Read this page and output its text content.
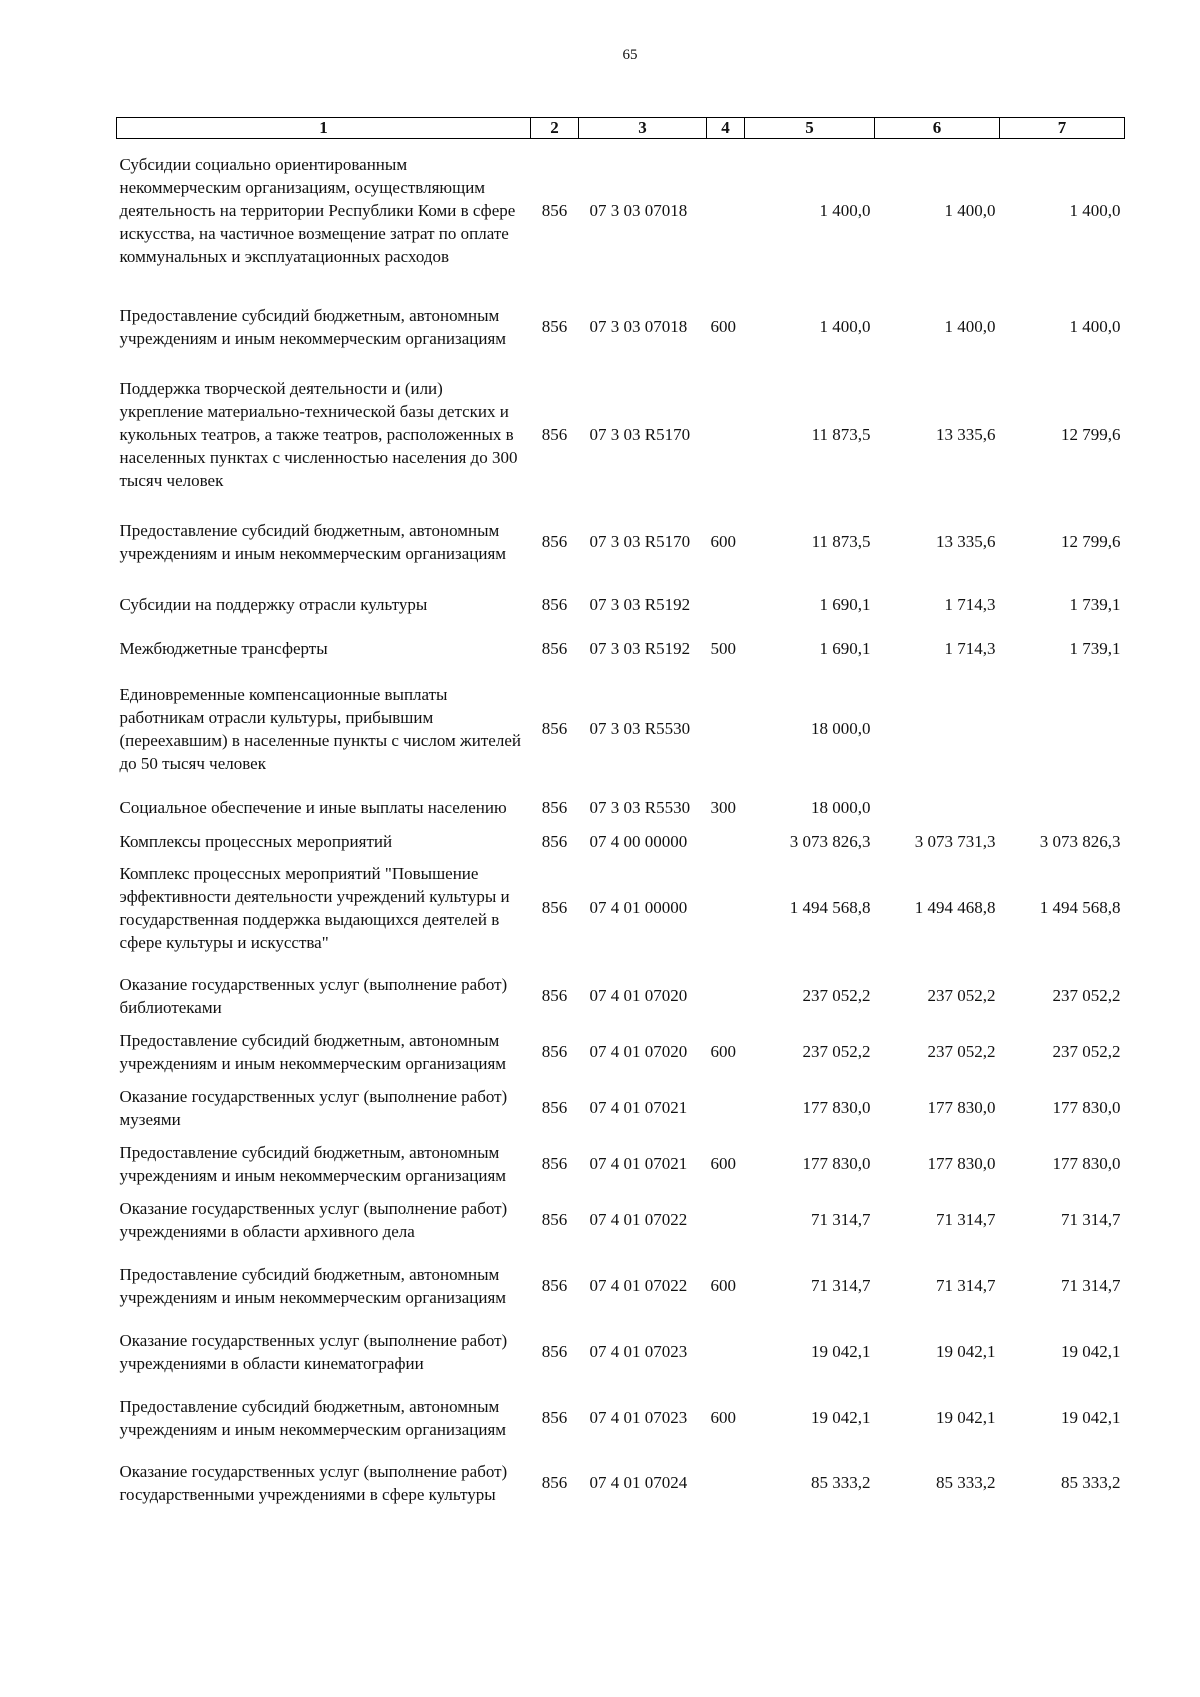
65
1	2	3	4	5	6	7
Субсидии социально ориентированным некоммерческим организациям, осуществляющим деятельность на территории Республики Коми в сфере искусства, на частичное возмещение затрат по оплате коммунальных и эксплуатационных расходов	856	07 3 03 07018		1 400,0	1 400,0	1 400,0
Предоставление субсидий бюджетным, автономным учреждениям и иным некоммерческим организациям	856	07 3 03 07018	600	1 400,0	1 400,0	1 400,0
Поддержка творческой деятельности и (или) укрепление материально-технической базы детских и кукольных театров, а также театров, расположенных в населенных пунктах с численностью населения до 300 тысяч человек	856	07 3 03 R5170		11 873,5	13 335,6	12 799,6
Предоставление субсидий бюджетным, автономным учреждениям и иным некоммерческим организациям	856	07 3 03 R5170	600	11 873,5	13 335,6	12 799,6
Субсидии на поддержку отрасли культуры	856	07 3 03 R5192		1 690,1	1 714,3	1 739,1
Межбюджетные трансферты	856	07 3 03 R5192	500	1 690,1	1 714,3	1 739,1
Единовременные компенсационные выплаты работникам отрасли культуры, прибывшим (переехавшим) в населенные пункты с числом жителей до 50 тысяч человек	856	07 3 03 R5530		18 000,0		
Социальное обеспечение и иные выплаты населению	856	07 3 03 R5530	300	18 000,0		
Комплексы процессных мероприятий	856	07 4 00 00000		3 073 826,3	3 073 731,3	3 073 826,3
Комплекс процессных мероприятий "Повышение эффективности деятельности учреждений культуры и государственная поддержка выдающихся деятелей в сфере культуры и искусства"	856	07 4 01 00000		1 494 568,8	1 494 468,8	1 494 568,8
Оказание государственных услуг (выполнение работ) библиотеками	856	07 4 01 07020		237 052,2	237 052,2	237 052,2
Предоставление субсидий бюджетным, автономным учреждениям и иным некоммерческим организациям	856	07 4 01 07020	600	237 052,2	237 052,2	237 052,2
Оказание государственных услуг (выполнение работ) музеями	856	07 4 01 07021		177 830,0	177 830,0	177 830,0
Предоставление субсидий бюджетным, автономным учреждениям и иным некоммерческим организациям	856	07 4 01 07021	600	177 830,0	177 830,0	177 830,0
Оказание государственных услуг (выполнение работ) учреждениями в области архивного дела	856	07 4 01 07022		71 314,7	71 314,7	71 314,7
Предоставление субсидий бюджетным, автономным учреждениям и иным некоммерческим организациям	856	07 4 01 07022	600	71 314,7	71 314,7	71 314,7
Оказание государственных услуг (выполнение работ) учреждениями в области кинематографии	856	07 4 01 07023		19 042,1	19 042,1	19 042,1
Предоставление субсидий бюджетным, автономным учреждениям и иным некоммерческим организациям	856	07 4 01 07023	600	19 042,1	19 042,1	19 042,1
Оказание государственных услуг (выполнение работ) государственными учреждениями в сфере культуры	856	07 4 01 07024		85 333,2	85 333,2	85 333,2
